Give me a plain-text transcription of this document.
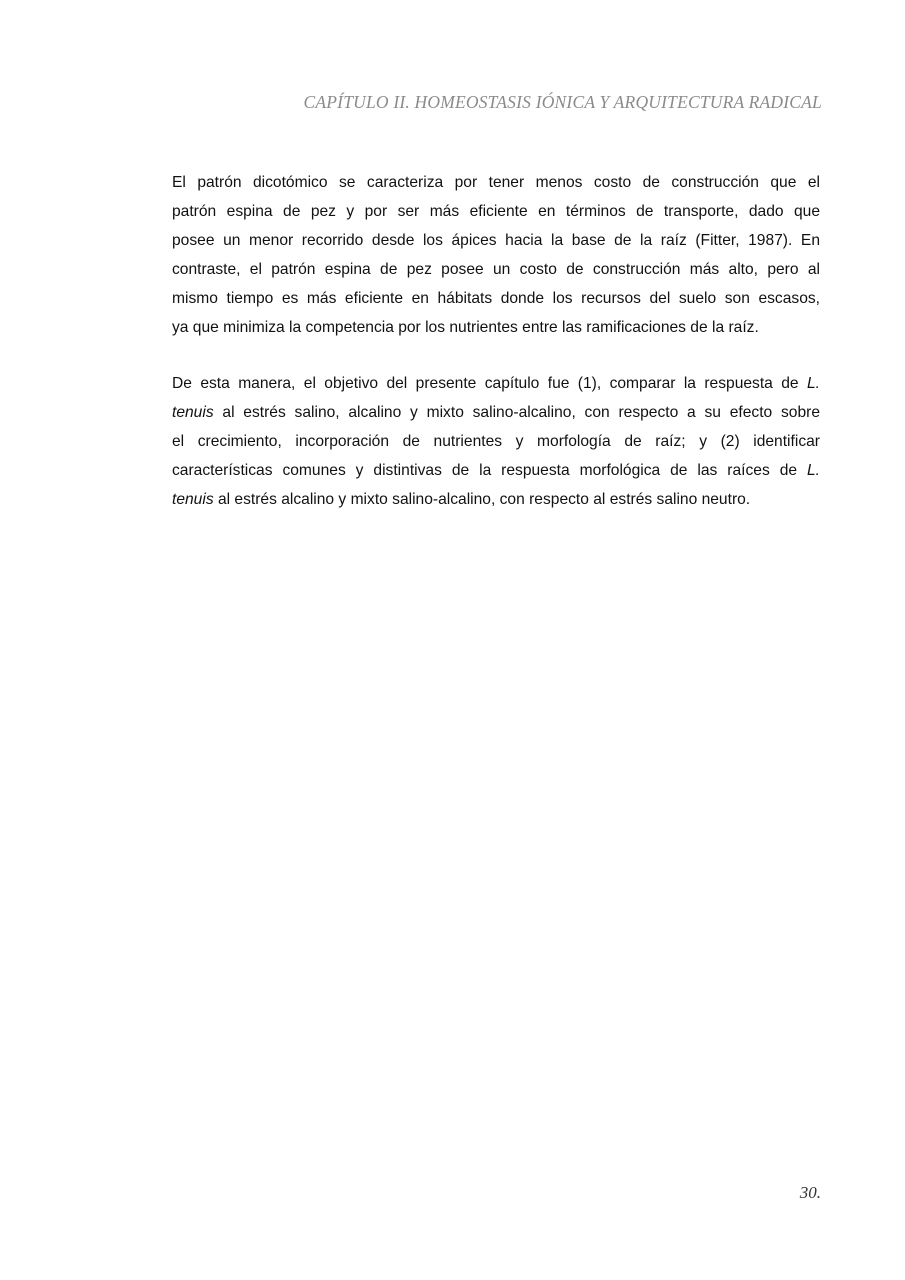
CAPÍTULO II. HOMEOSTASIS IÓNICA Y ARQUITECTURA RADICAL
El patrón dicotómico se caracteriza por tener menos costo de construcción que el
patrón espina de pez y por ser más eficiente en términos de transporte, dado que
posee un menor recorrido desde los ápices hacia la base de la raíz (Fitter, 1987). En
contraste, el patrón espina de pez posee un costo de construcción más alto, pero al
mismo tiempo es más eficiente en hábitats donde los recursos del suelo son escasos,
ya que minimiza la competencia por los nutrientes entre las ramificaciones de la raíz.
De esta manera, el objetivo del presente capítulo fue (1), comparar la respuesta de L.
tenuis al estrés salino, alcalino y mixto salino-alcalino, con respecto a su efecto sobre
el crecimiento, incorporación de nutrientes y morfología de raíz; y (2) identificar
características comunes y distintivas de la respuesta morfológica de las raíces de L.
tenuis al estrés alcalino y mixto salino-alcalino, con respecto al estrés salino neutro.
30.
